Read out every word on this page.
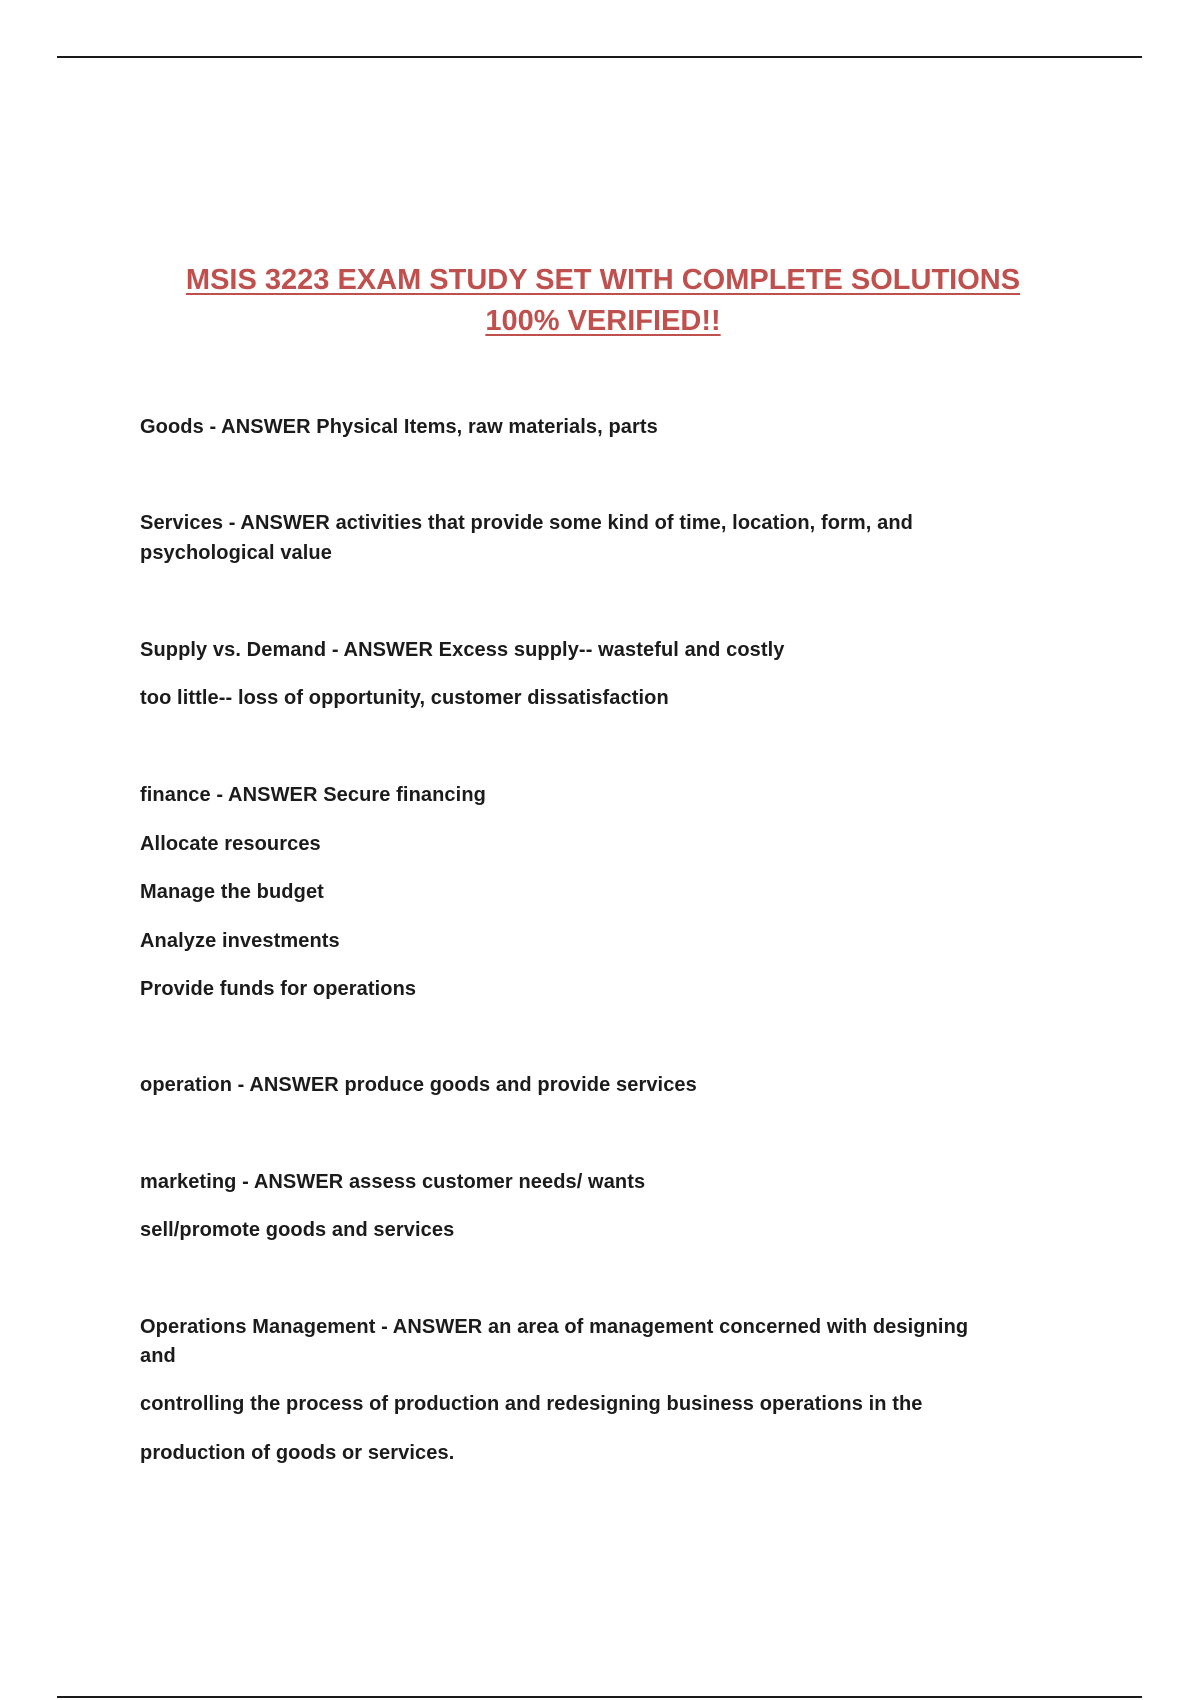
MSIS 3223 EXAM STUDY SET WITH COMPLETE SOLUTIONS
100% VERIFIED!!
Goods - ANSWER Physical Items, raw materials, parts
Services - ANSWER activities that provide some kind of time, location, form, and
psychological value
Supply vs. Demand - ANSWER Excess supply-- wasteful and costly
too little-- loss of opportunity, customer dissatisfaction
finance - ANSWER Secure financing
Allocate resources
Manage the budget
Analyze investments
Provide funds for operations
operation - ANSWER produce goods and provide services
marketing - ANSWER assess customer needs/ wants
sell/promote goods and services
Operations Management - ANSWER an area of management concerned with designing
and
controlling the process of production and redesigning business operations in the
production of goods or services.
